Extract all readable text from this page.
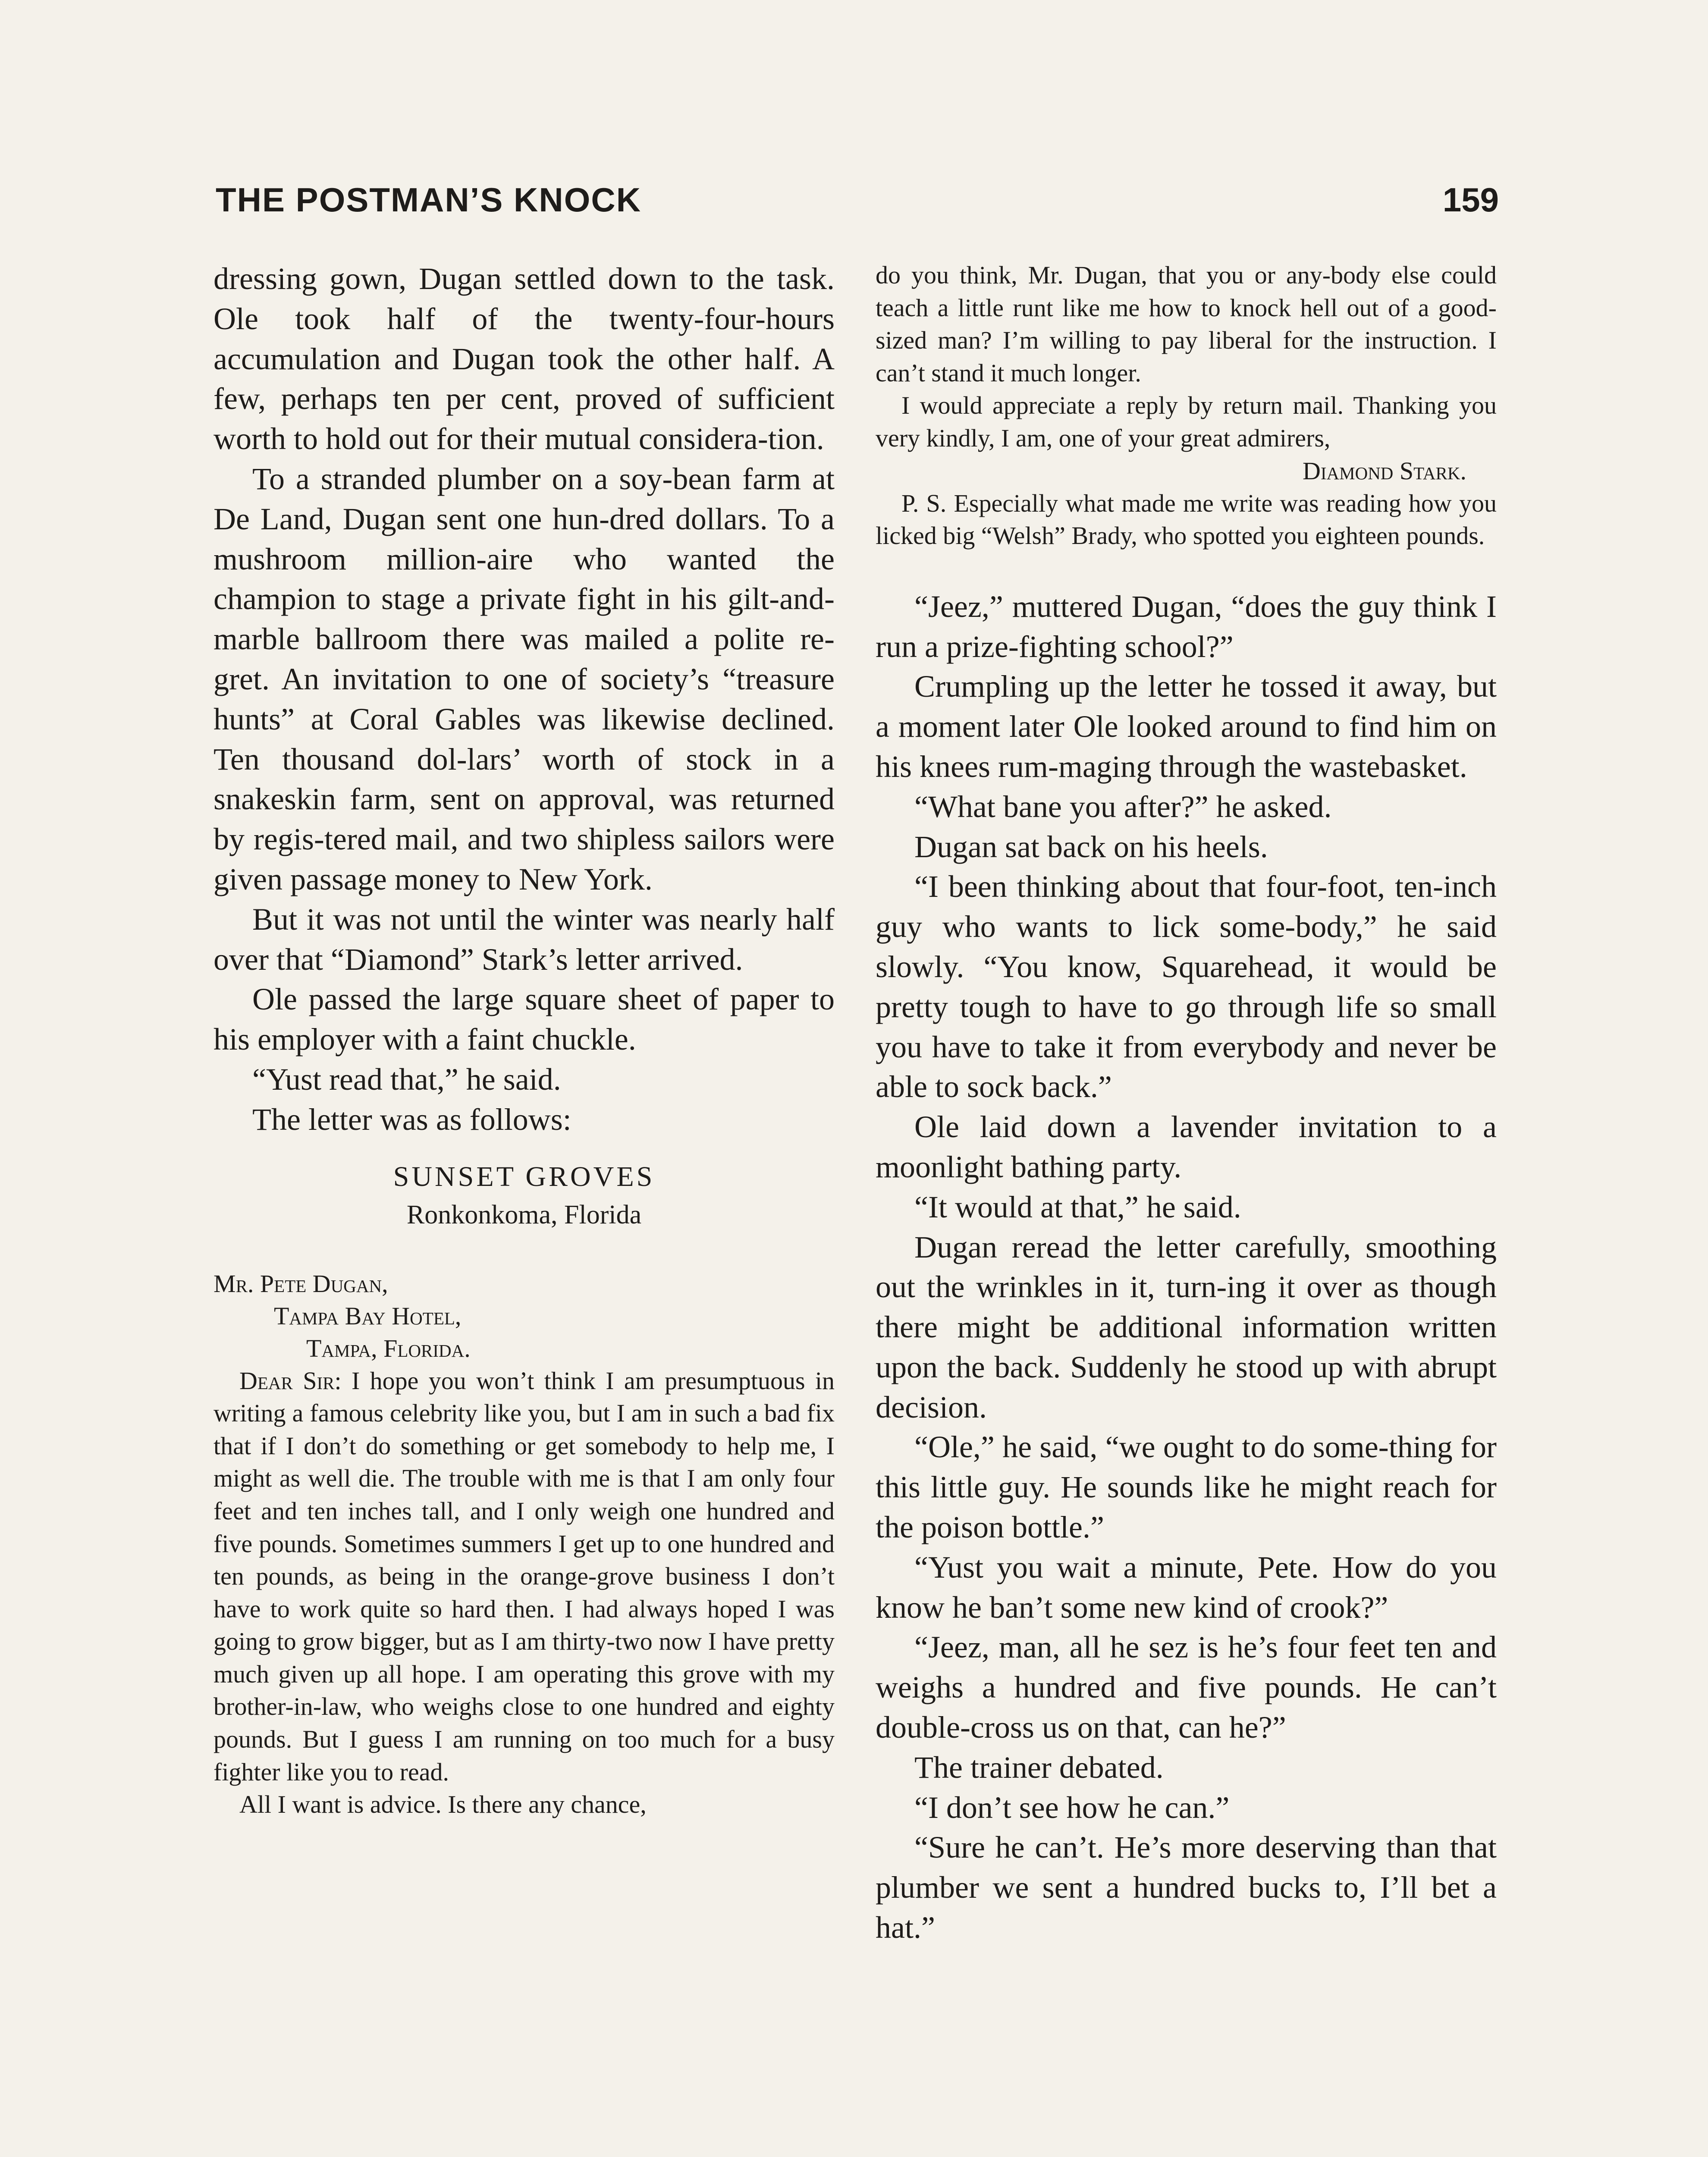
THE POSTMAN’S KNOCK	159

dressing gown, Dugan settled down to the task. Ole took half of the twenty-four-hours accumulation and Dugan took the other half. A few, perhaps ten per cent, proved of sufficient worth to hold out for their mutual considera-tion.

To a stranded plumber on a soy-bean farm at De Land, Dugan sent one hun-dred dollars. To a mushroom million-aire who wanted the champion to stage a private fight in his gilt-and-marble ballroom there was mailed a polite re-gret. An invitation to one of society’s “treasure hunts” at Coral Gables was likewise declined. Ten thousand dol-lars’ worth of stock in a snakeskin farm, sent on approval, was returned by regis-tered mail, and two shipless sailors were given passage money to New York.

But it was not until the winter was nearly half over that “Diamond” Stark’s letter arrived.

Ole passed the large square sheet of paper to his employer with a faint chuckle.

“Yust read that,” he said.

The letter was as follows:

SUNSET GROVES
Ronkonkoma, Florida
Mr. Pete Dugan,
Tampa Bay Hotel,
Tampa, Florida.

Dear Sir: I hope you won’t think I am presumptuous in writing a famous celebrity like you, but I am in such a bad fix that if I don’t do something or get somebody to help me, I might as well die. The trouble with me is that I am only four feet and ten inches tall, and I only weigh one hundred and five pounds. Sometimes summers I get up to one hundred and ten pounds, as being in the orange-grove business I don’t have to work quite so hard then. I had always hoped I was going to grow bigger, but as I am thirty-two now I have pretty much given up all hope. I am operating this grove with my brother-in-law, who weighs close to one hundred and eighty pounds. But I guess I am running on too much for a busy fighter like you to read.

All I want is advice. Is there any chance,

do you think, Mr. Dugan, that you or any-body else could teach a little runt like me how to knock hell out of a good-sized man? I’m willing to pay liberal for the instruction. I can’t stand it much longer.

I would appreciate a reply by return mail. Thanking you very kindly, I am, one of your great admirers,

Diamond Stark.

P. S. Especially what made me write was reading how you licked big “Welsh” Brady, who spotted you eighteen pounds.

“Jeez,” muttered Dugan, “does the guy think I run a prize-fighting school?”

Crumpling up the letter he tossed it away, but a moment later Ole looked around to find him on his knees rum-maging through the wastebasket.

“What bane you after?” he asked.

Dugan sat back on his heels.

“I been thinking about that four-foot, ten-inch guy who wants to lick some-body,” he said slowly. “You know, Squarehead, it would be pretty tough to have to go through life so small you have to take it from everybody and never be able to sock back.”

Ole laid down a lavender invitation to a moonlight bathing party.

“It would at that,” he said.

Dugan reread the letter carefully, smoothing out the wrinkles in it, turn-ing it over as though there might be additional information written upon the back. Suddenly he stood up with abrupt decision.

“Ole,” he said, “we ought to do some-thing for this little guy. He sounds like he might reach for the poison bottle.”

“Yust you wait a minute, Pete. How do you know he ban’t some new kind of crook?”

“Jeez, man, all he sez is he’s four feet ten and weighs a hundred and five pounds. He can’t double-cross us on that, can he?”

The trainer debated.

“I don’t see how he can.”

“Sure he can’t. He’s more deserving than that plumber we sent a hundred bucks to, I’ll bet a hat.”
